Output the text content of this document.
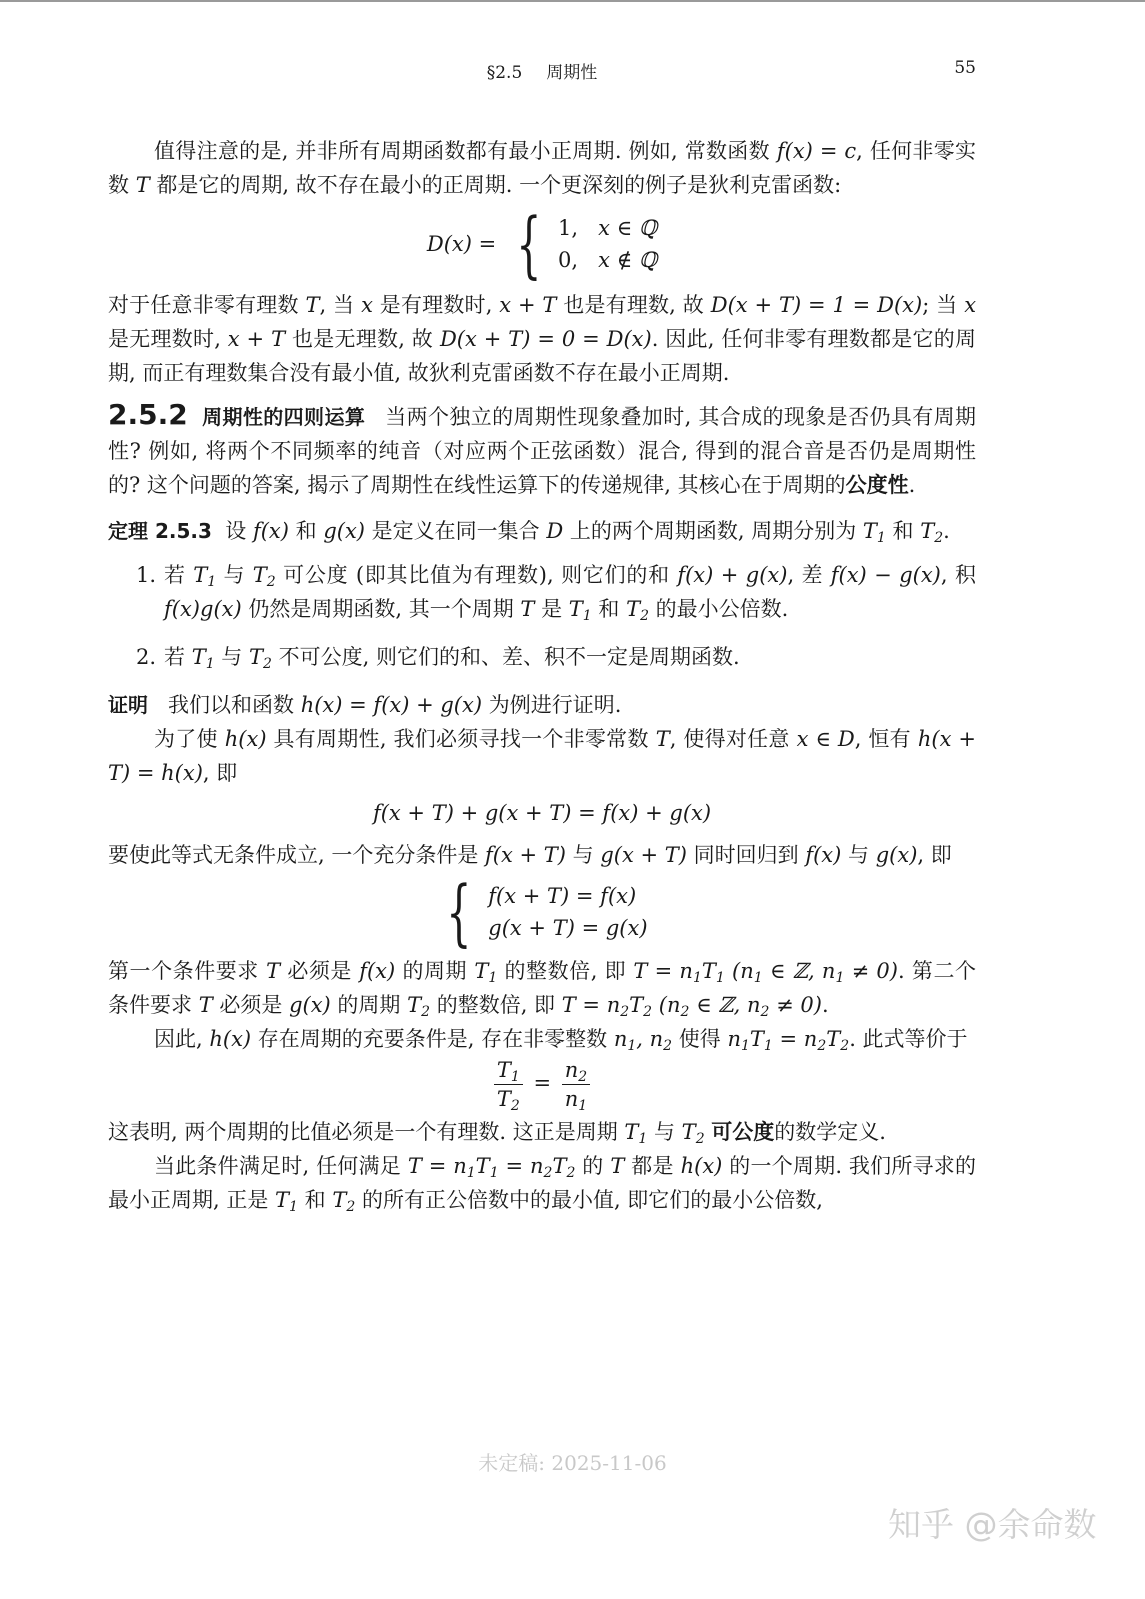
§2.5 周期性	55

值得注意的是, 并非所有周期函数都有最小正周期. 例如, 常数函数 f(x) = c, 任何非零实数 T 都是它的周期, 故不存在最小的正周期. 一个更深刻的例子是狄利克雷函数:

D(x) = { 1, x ∈ ℚ
0, x ∉ ℚ

对于任意非零有理数 T, 当 x 是有理数时, x + T 也是有理数, 故 D(x + T) = 1 = D(x); 当 x 是无理数时, x + T 也是无理数, 故 D(x + T) = 0 = D(x). 因此, 任何非零有理数都是它的周期, 而正有理数集合没有最小值, 故狄利克雷函数不存在最小正周期.

2.5.2 周期性的四则运算 当两个独立的周期性现象叠加时, 其合成的现象是否仍具有周期性? 例如, 将两个不同频率的纯音（对应两个正弦函数）混合, 得到的混合音是否仍是周期性的? 这个问题的答案, 揭示了周期性在线性运算下的传递规律, 其核心在于周期的公度性.

定理 2.5.3 设 f(x) 和 g(x) 是定义在同一集合 D 上的两个周期函数, 周期分别为 $T_1$ 和 $T_2$.
1. 若 $T_1$ 与 $T_2$ 可公度 (即其比值为有理数), 则它们的和 f(x) + g(x), 差 f(x) − g(x), 积 f(x)g(x) 仍然是周期函数, 其一个周期 T 是 $T_1$ 和 $T_2$ 的最小公倍数.
2. 若 $T_1$ 与 $T_2$ 不可公度, 则它们的和、差、积不一定是周期函数.

证明 我们以和函数 h(x) = f(x) + g(x) 为例进行证明.

为了使 h(x) 具有周期性, 我们必须寻找一个非零常数 T, 使得对任意 x ∈ D, 恒有 h(x + T) = h(x), 即

f(x + T) + g(x + T) = f(x) + g(x)

要使此等式无条件成立, 一个充分条件是 f(x + T) 与 g(x + T) 同时回归到 f(x) 与 g(x), 即

{ f(x + T) = f(x)
g(x + T) = g(x)

第一个条件要求 T 必须是 f(x) 的周期 $T_1$ 的整数倍, 即 $T = n_1T_1$ ($n_1$ ∈ ℤ, $n_1 \ne 0$). 第二个条件要求 T 必须是 g(x) 的周期 $T_2$ 的整数倍, 即 $T = n_2T_2$ ($n_2$ ∈ ℤ, $n_2 \ne 0$).

因此, h(x) 存在周期的充要条件是, 存在非零整数 $n_1$, $n_2$ 使得 $n_1T_1 = n_2T_2$. 此式等价于

$\frac{T_1}{T_2} = \frac{n_2}{n_1}$

这表明, 两个周期的比值必须是一个有理数. 这正是周期 $T_1$ 与 $T_2$ 可公度的数学定义.

当此条件满足时, 任何满足 $T = n_1T_1 = n_2T_2$ 的 T 都是 h(x) 的一个周期. 我们所寻求的最小正周期, 正是 $T_1$ 和 $T_2$ 的所有正公倍数中的最小值, 即它们的最小公倍数,

未定稿: 2025-11-06
知乎 @余命数
